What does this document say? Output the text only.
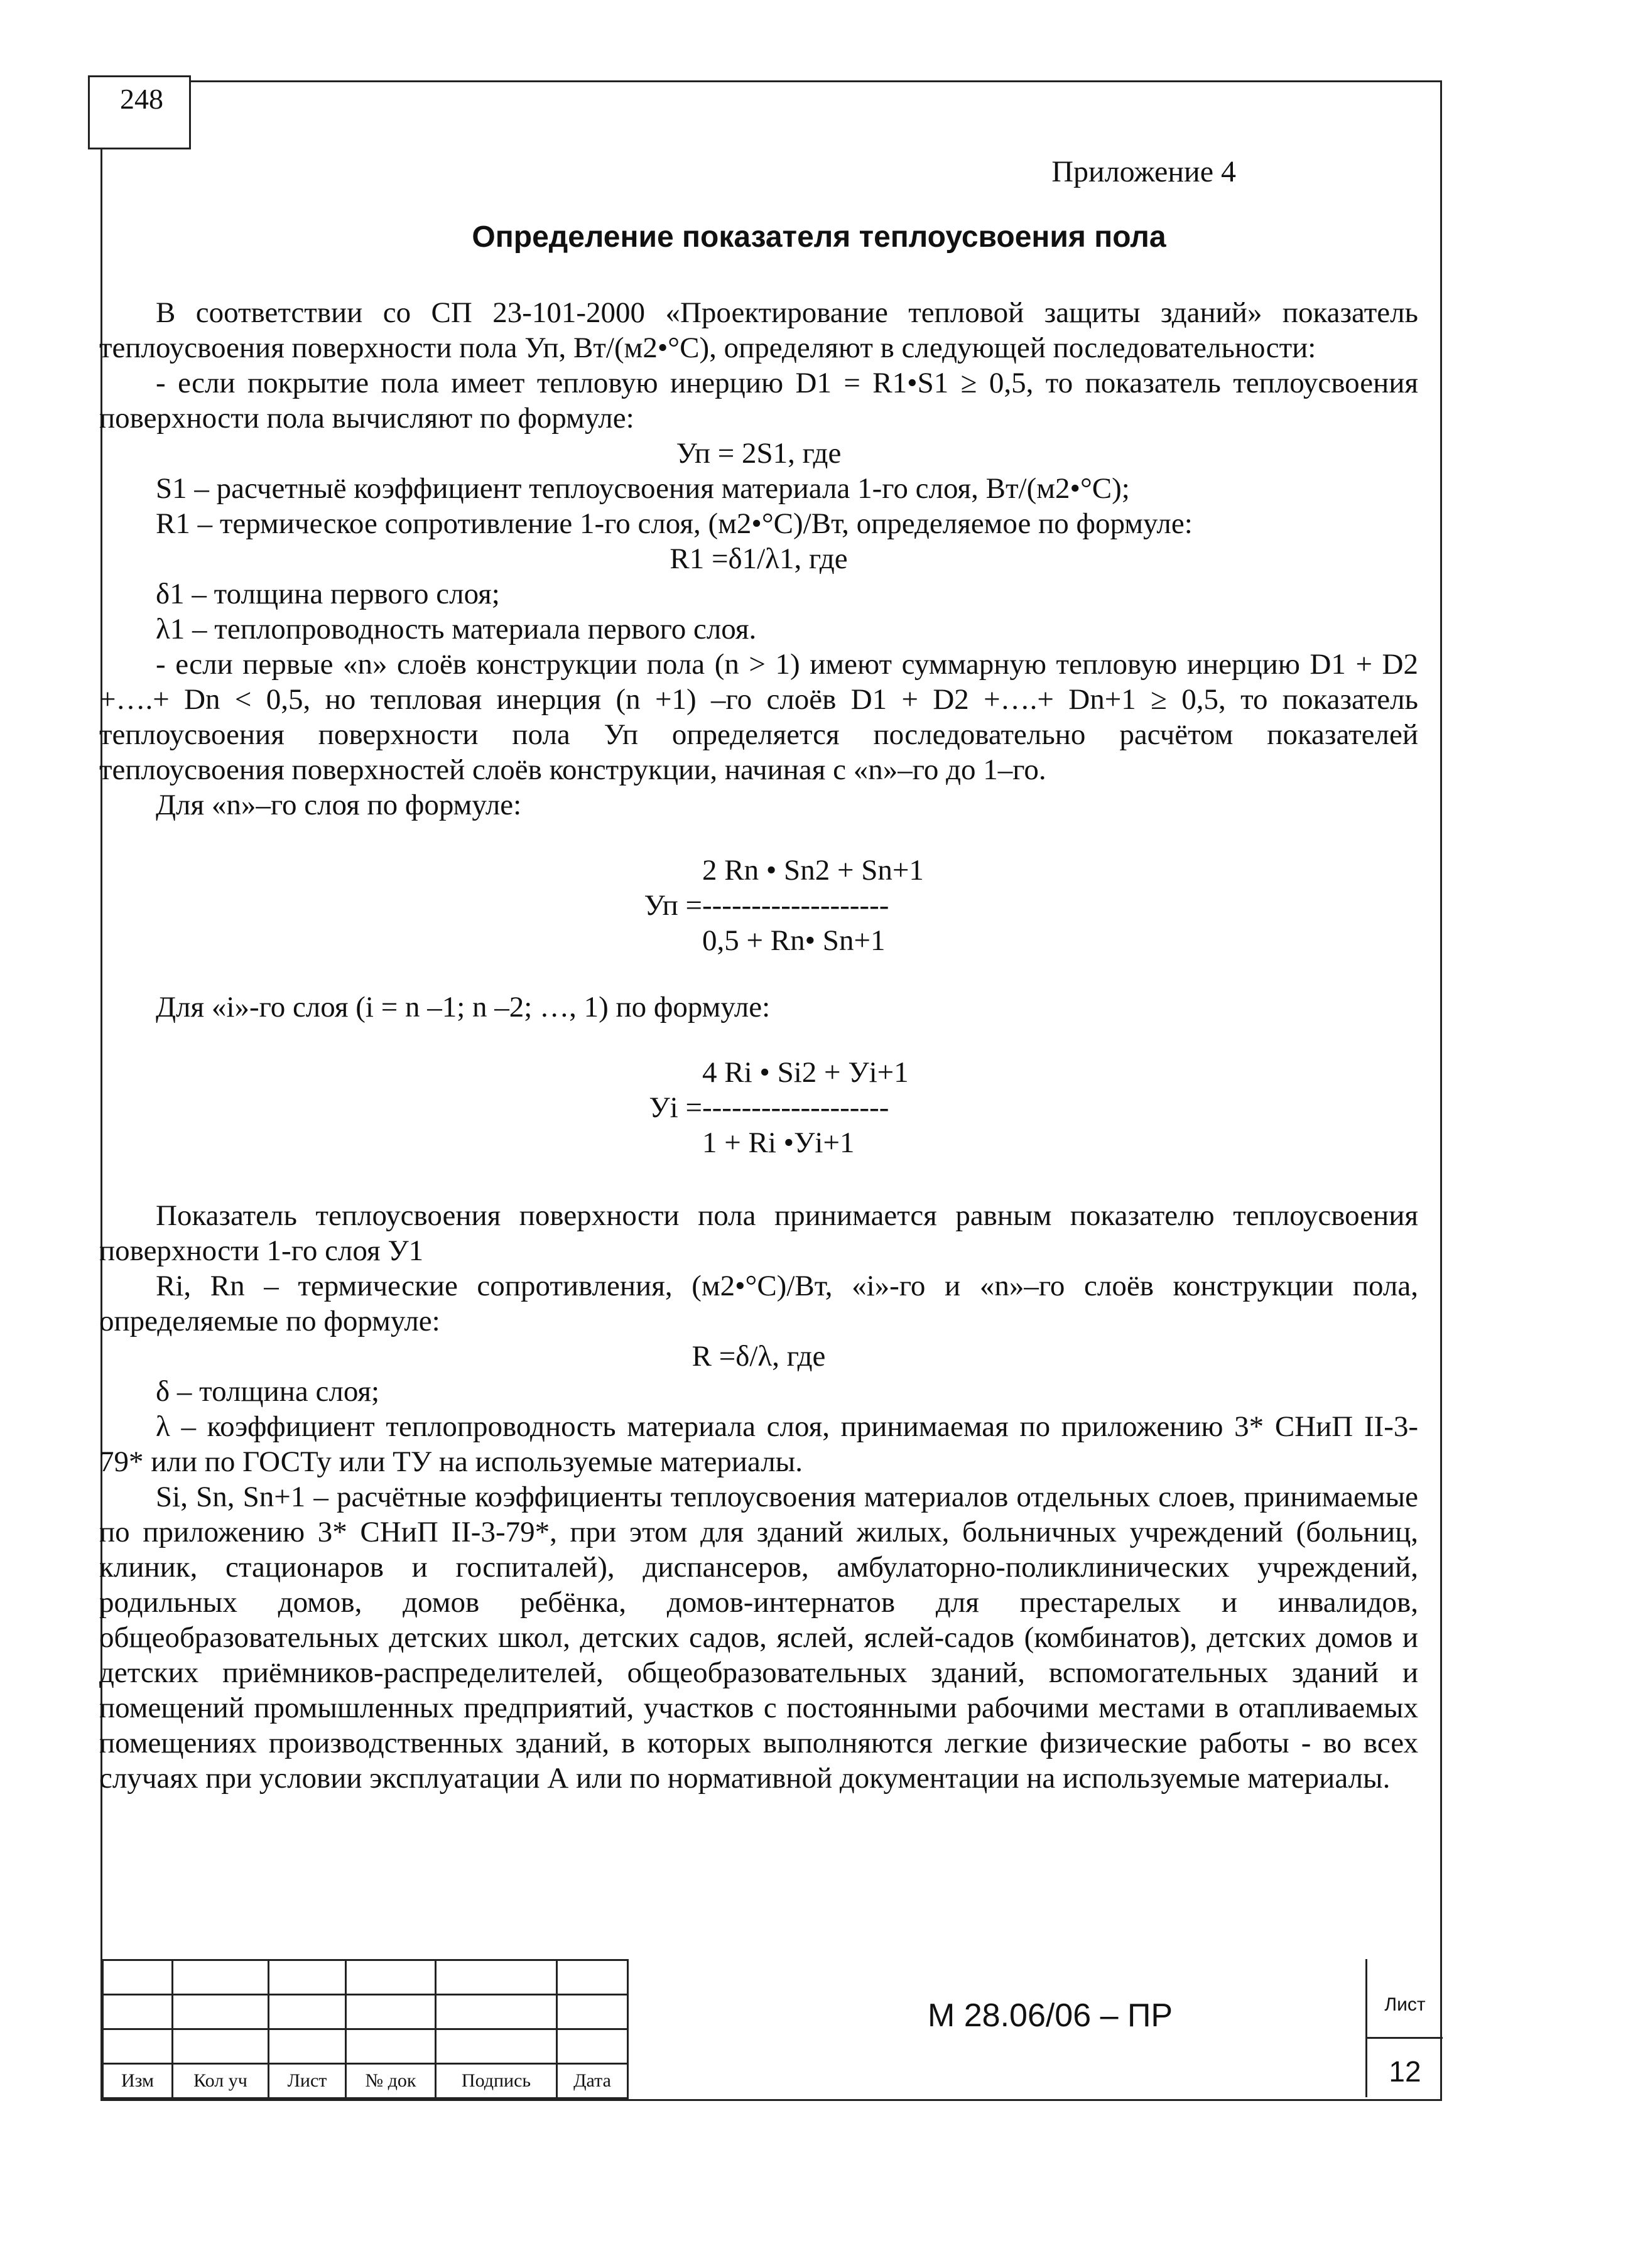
248
Приложение 4
Определение показателя теплоусвоения пола

В соответствии со СП 23-101-2000 «Проектирование тепловой защиты зданий» показатель теплоусвоения поверхности пола Уп, Вт/(м2•°С), определяют в следующей последовательности:

- если покрытие пола имеет тепловую инерцию D1 = R1•S1 ≥ 0,5, то показатель теплоусвоения поверхности пола вычисляют по формуле:

Уп = 2S1, где

S1 – расчетныё коэффициент теплоусвоения материала 1-го слоя, Вт/(м2•°С);

R1 – термическое сопротивление 1-го слоя, (м2•°С)/Вт, определяемое по формуле:

R1 =δ1/λ1, где

δ1 – толщина первого слоя;

λ1 – теплопроводность материала первого слоя.

- если первые «n» слоёв конструкции пола (n > 1) имеют суммарную тепловую инерцию D1 + D2 +….+ Dn < 0,5, но тепловая инерция (n +1) –го слоёв D1 + D2 +….+ Dn+1 ≥ 0,5, то показатель теплоусвоения поверхности пола Уп определяется последовательно расчётом показателей теплоусвоения поверхностей слоёв конструкции, начиная с «n»–го до 1–го.

Для «n»–го слоя по формуле:

2 Rn • Sn2 + Sn+1
Уп = -------------------
0,5 + Rn• Sn+1

Для «i»-го слоя (i = n –1; n –2; …, 1) по формуле:

4 Ri • Si2 + Уi+1
Уi = -------------------
1 + Ri •Уi+1

Показатель теплоусвоения поверхности пола принимается равным показателю теплоусвоения поверхности 1-го слоя У1

Ri, Rn – термические сопротивления, (м2•°С)/Вт, «i»-го и «n»–го слоёв конструкции пола, определяемые по формуле:

R =δ/λ, где

δ – толщина слоя;

λ – коэффициент теплопроводность материала слоя, принимаемая по приложению 3* СНиП II-3-79* или по ГОСТу или ТУ на используемые материалы.

Si, Sn, Sn+1 – расчётные коэффициенты теплоусвоения материалов отдельных слоев, принимаемые по приложению 3* СНиП II-3-79*, при этом для зданий жилых, больничных учреждений (больниц, клиник, стационаров и госпиталей), диспансеров, амбулаторно-поликлинических учреждений, родильных домов, домов ребёнка, домов-интернатов для престарелых и инвалидов, общеобразовательных детских школ, детских садов, яслей, яслей-садов (комбинатов), детских домов и детских приёмников-распределителей, общеобразовательных зданий, вспомогательных зданий и помещений промышленных предприятий, участков с постоянными рабочими местами в отапливаемых помещениях производственных зданий, в которых выполняются легкие физические работы - во всех случаях при условии эксплуатации А или по нормативной документации на используемые материалы.

Изм	Кол уч	Лист	№ док	Подпись	Дата
М 28.06/06 – ПР	Лист
12
